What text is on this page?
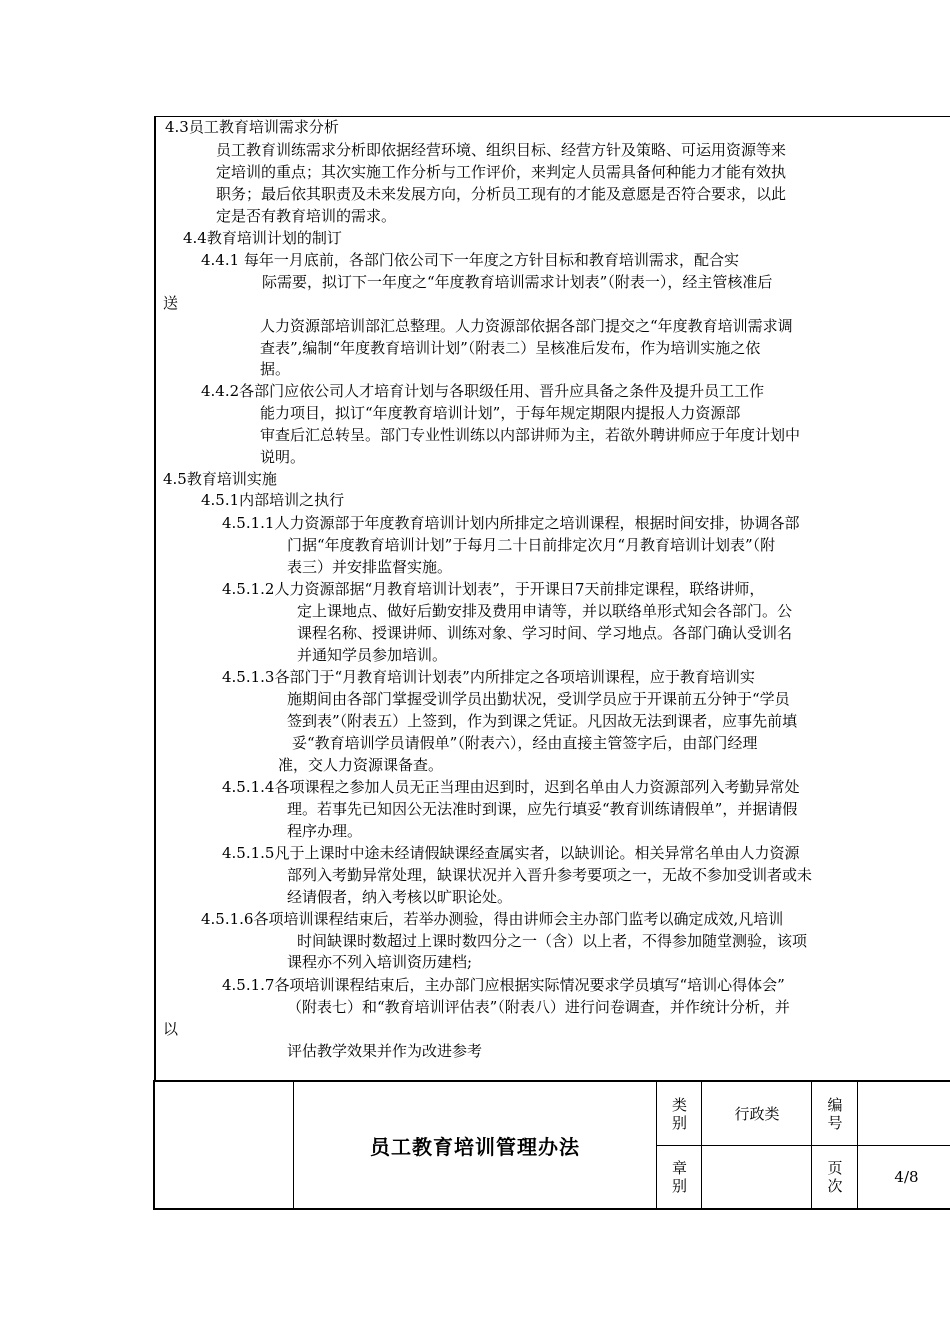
4.3员工教育培训需求分析
员工教育训练需求分析即依据经营环境、组织目标、经营方针及策略、可运用资源等来
定培训的重点；其次实施工作分析与工作评价，来判定人员需具备何种能力才能有效执
职务；最后依其职责及未来发展方向，分析员工现有的才能及意愿是否符合要求，以此
定是否有教育培训的需求。
4.4教育培训计划的制订
4.4.1 每年一月底前，各部门依公司下一年度之方针目标和教育培训需求，配合实
际需要，拟订下一年度之“年度教育培训需求计划表”（附表一），经主管核准后
送
人力资源部培训部汇总整理。人力资源部依据各部门提交之“年度教育培训需求调
查表”,编制“年度教育培训计划”（附表二）呈核准后发布，作为培训实施之依
据。
4.4.2各部门应依公司人才培育计划与各职级任用、晋升应具备之条件及提升员工工作
能力项目，拟订“年度教育培训计划”，于每年规定期限内提报人力资源部
审查后汇总转呈。部门专业性训练以内部讲师为主，若欲外聘讲师应于年度计划中
说明。
4.5教育培训实施
4.5.1内部培训之执行
4.5.1.1人力资源部于年度教育培训计划内所排定之培训课程，根据时间安排，协调各部
门据“年度教育培训计划”于每月二十日前排定次月“月教育培训计划表”（附
表三）并安排监督实施。
4.5.1.2人力资源部据“月教育培训计划表”，于开课日7天前排定课程，联络讲师，
定上课地点、做好后勤安排及费用申请等，并以联络单形式知会各部门。公
课程名称、授课讲师、训练对象、学习时间、学习地点。各部门确认受训名
并通知学员参加培训。
4.5.1.3各部门于“月教育培训计划表”内所排定之各项培训课程，应于教育培训实
施期间由各部门掌握受训学员出勤状况，受训学员应于开课前五分钟于“学员
签到表”（附表五）上签到，作为到课之凭证。凡因故无法到课者，应事先前填
妥“教育培训学员请假单”（附表六），经由直接主管签字后，由部门经理
准，交人力资源课备查。
4.5.1.4各项课程之参加人员无正当理由迟到时，迟到名单由人力资源部列入考勤异常处
理。若事先已知因公无法准时到课，应先行填妥“教育训练请假单”，并据请假
程序办理。
4.5.1.5凡于上课时中途未经请假缺课经查属实者，以缺训论。相关异常名单由人力资源
部列入考勤异常处理，缺课状况并入晋升参考要项之一，无故不参加受训者或未
经请假者，纳入考核以旷职论处。
4.5.1.6各项培训课程结束后，若举办测验，得由讲师会主办部门监考以确定成效,凡培训
时间缺课时数超过上课时数四分之一（含）以上者，不得参加随堂测验，该项
课程亦不列入培训资历建档;
4.5.1.7各项培训课程结束后，主办部门应根据实际情况要求学员填写“培训心得体会”
（附表七）和“教育培训评估表”（附表八）进行问卷调查，并作统计分析，并
以
评估教学效果并作为改进参考
员工教育培训管理办法
类别	行政类
编号
章别
页次	4/8
